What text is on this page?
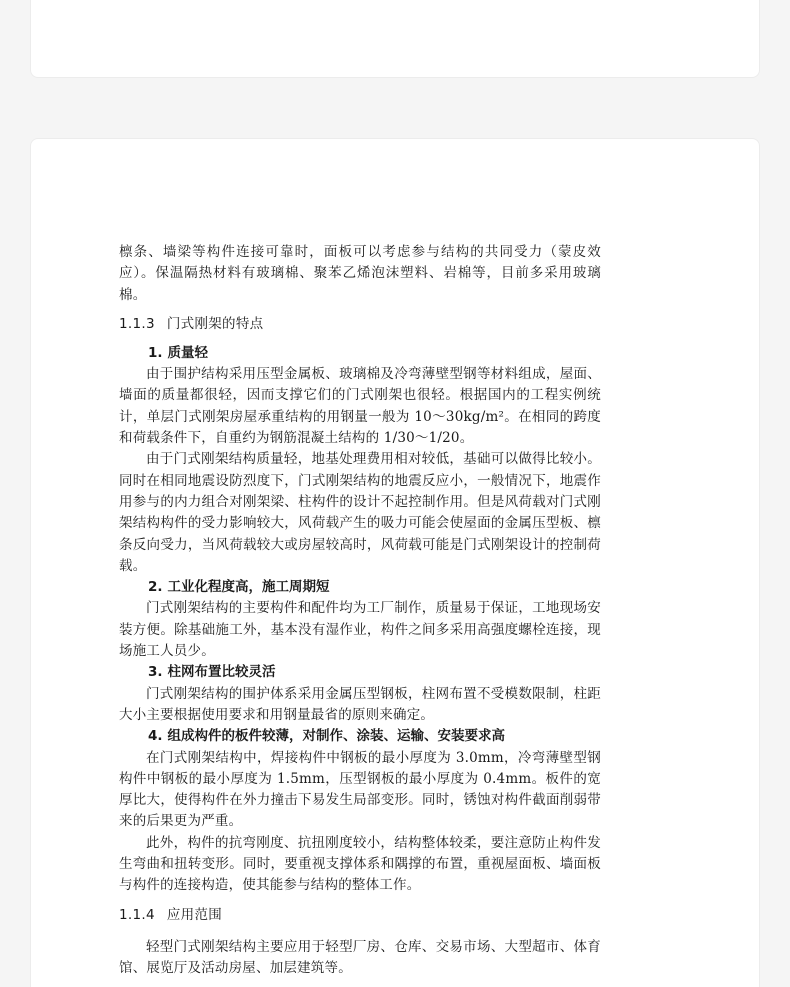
檩条、墙梁等构件连接可靠时，面板可以考虑参与结构的共同受力（蒙皮效应）。保温隔热材料有玻璃棉、聚苯乙烯泡沫塑料、岩棉等，目前多采用玻璃棉。

1.1.3 门式刚架的特点

1. 质量轻

由于围护结构采用压型金属板、玻璃棉及冷弯薄壁型钢等材料组成，屋面、墙面的质量都很轻，因而支撑它们的门式刚架也很轻。根据国内的工程实例统计，单层门式刚架房屋承重结构的用钢量一般为 10～30kg/m²。在相同的跨度和荷载条件下，自重约为钢筋混凝土结构的 1/30～1/20。

由于门式刚架结构质量轻，地基处理费用相对较低，基础可以做得比较小。同时在相同地震设防烈度下，门式刚架结构的地震反应小，一般情况下，地震作用参与的内力组合对刚架梁、柱构件的设计不起控制作用。但是风荷载对门式刚架结构构件的受力影响较大，风荷载产生的吸力可能会使屋面的金属压型板、檩条反向受力，当风荷载较大或房屋较高时，风荷载可能是门式刚架设计的控制荷载。

2. 工业化程度高，施工周期短

门式刚架结构的主要构件和配件均为工厂制作，质量易于保证，工地现场安装方便。除基础施工外，基本没有湿作业，构件之间多采用高强度螺栓连接，现场施工人员少。

3. 柱网布置比较灵活

门式刚架结构的围护体系采用金属压型钢板，柱网布置不受模数限制，柱距大小主要根据使用要求和用钢量最省的原则来确定。

4. 组成构件的板件较薄，对制作、涂装、运输、安装要求高

在门式刚架结构中，焊接构件中钢板的最小厚度为 3.0mm，冷弯薄壁型钢构件中钢板的最小厚度为 1.5mm，压型钢板的最小厚度为 0.4mm。板件的宽厚比大，使得构件在外力撞击下易发生局部变形。同时，锈蚀对构件截面削弱带来的后果更为严重。

此外，构件的抗弯刚度、抗扭刚度较小，结构整体较柔，要注意防止构件发生弯曲和扭转变形。同时，要重视支撑体系和隅撑的布置，重视屋面板、墙面板与构件的连接构造，使其能参与结构的整体工作。

1.1.4 应用范围

轻型门式刚架结构主要应用于轻型厂房、仓库、交易市场、大型超市、体育馆、展览厅及活动房屋、加层建筑等。
